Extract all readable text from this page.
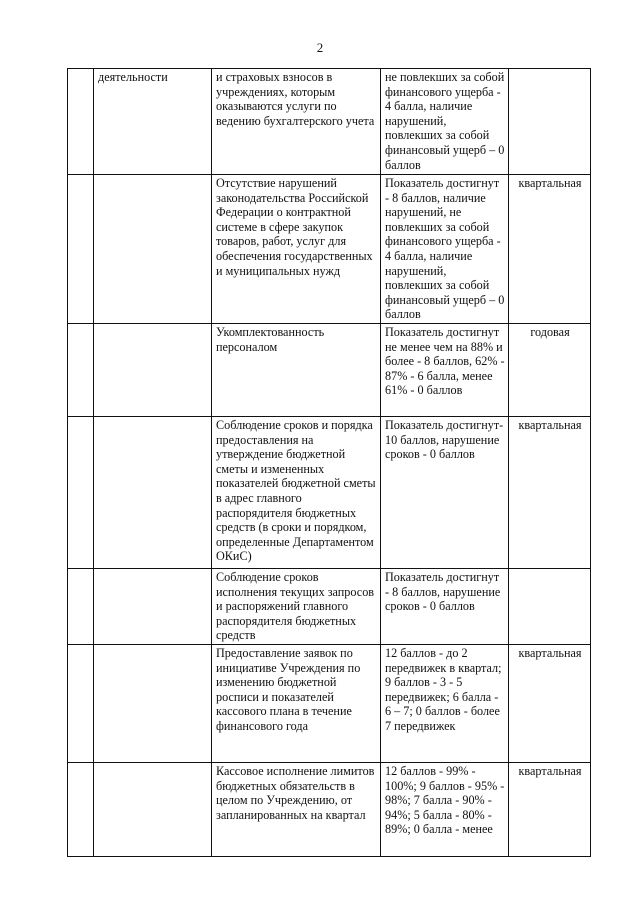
2
	деятельности	и страховых взносов в учреждениях, которым оказываются услуги по ведению бухгалтерского учета	не повлекших за собой финансового ущерба - 4 балла, наличие нарушений, повлекших за собой финансовый ущерб – 0 баллов	
		Отсутствие нарушений законодательства Российской Федерации о контрактной системе в сфере закупок товаров, работ, услуг для обеспечения государственных и муниципальных нужд	Показатель достигнут - 8 баллов, наличие нарушений, не повлекших за собой финансового ущерба - 4 балла, наличие нарушений, повлекших за собой финансовый ущерб – 0 баллов	квартальная
		Укомплектованность персоналом	Показатель достигнут не менее чем на 88% и более - 8 баллов, 62% - 87% - 6 балла, менее 61% - 0 баллов	годовая
		Соблюдение сроков и порядка предоставления на утверждение бюджетной сметы и измененных показателей бюджетной сметы в адрес главного распорядителя бюджетных средств (в сроки и порядком, определенные Департаментом ОКиС)	Показатель достигнут- 10 баллов, нарушение сроков - 0 баллов	квартальная
		Соблюдение сроков исполнения текущих запросов и распоряжений главного распорядителя бюджетных средств	Показатель достигнут - 8 баллов, нарушение сроков - 0 баллов	
		Предоставление заявок по инициативе Учреждения по изменению бюджетной росписи и показателей кассового плана в течение финансового года	12 баллов - до 2 передвижек в квартал; 9 баллов - 3 - 5 передвижек; 6 балла - 6 – 7; 0 баллов - более 7 передвижек	квартальная
		Кассовое исполнение лимитов бюджетных обязательств в целом по Учреждению, от запланированных на квартал	12 баллов - 99% - 100%; 9 баллов - 95% - 98%; 7 балла - 90% - 94%; 5 балла - 80% - 89%; 0 балла - менее	квартальная
